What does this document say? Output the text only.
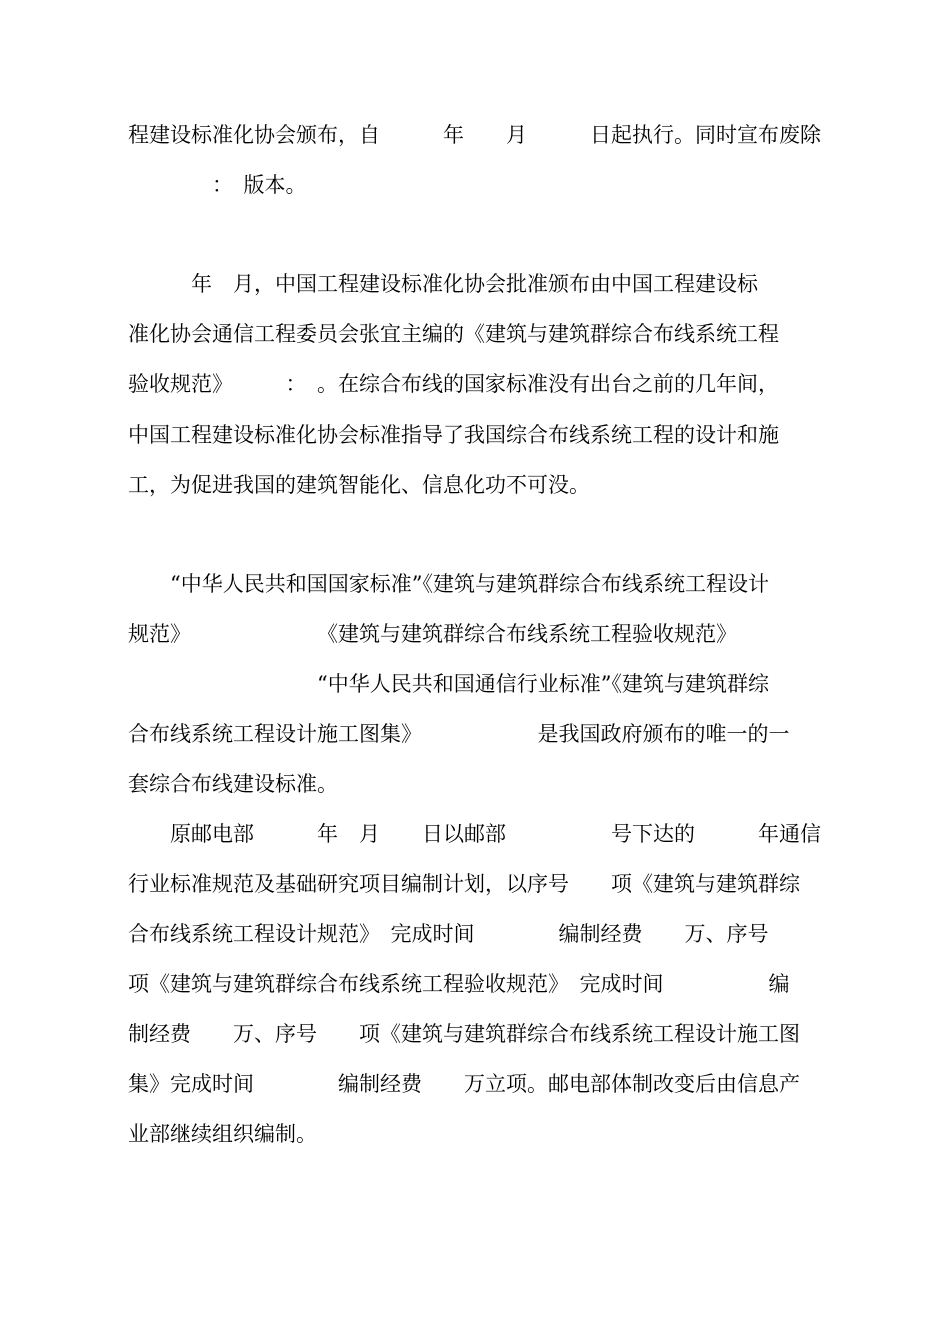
程建设标准化协会颁布，自　　　年　　月　　　日起执行。同时宣布废除
　　　　：　版本。
　　　年　月，中国工程建设标准化协会批准颁布由中国工程建设标
准化协会通信工程委员会张宜主编的《建筑与建筑群综合布线系统工程
验收规范》　　　：　。在综合布线的国家标准没有出台之前的几年间，
中国工程建设标准化协会标准指导了我国综合布线系统工程的设计和施
工，为促进我国的建筑智能化、信息化功不可没。
　　“中华人民共和国国家标准”《建筑与建筑群综合布线系统工程设计
规范》　　　　　　　《建筑与建筑群综合布线系统工程验收规范》
　　　　　　　　　“中华人民共和国通信行业标准”《建筑与建筑群综
合布线系统工程设计施工图集》　　　　　　是我国政府颁布的唯一的一
套综合布线建设标准。
　　原邮电部　　　年　月　　日以邮部　　　　　号下达的　　　年通信
行业标准规范及基础研究项目编制计划，以序号　　项《建筑与建筑群综
合布线系统工程设计规范》　完成时间　　　　编制经费　　万、序号
项《建筑与建筑群综合布线系统工程验收规范》　完成时间　　　　　编
制经费　　万、序号　　项《建筑与建筑群综合布线系统工程设计施工图
集》完成时间　　　　编制经费　　万立项。邮电部体制改变后由信息产
业部继续组织编制。
